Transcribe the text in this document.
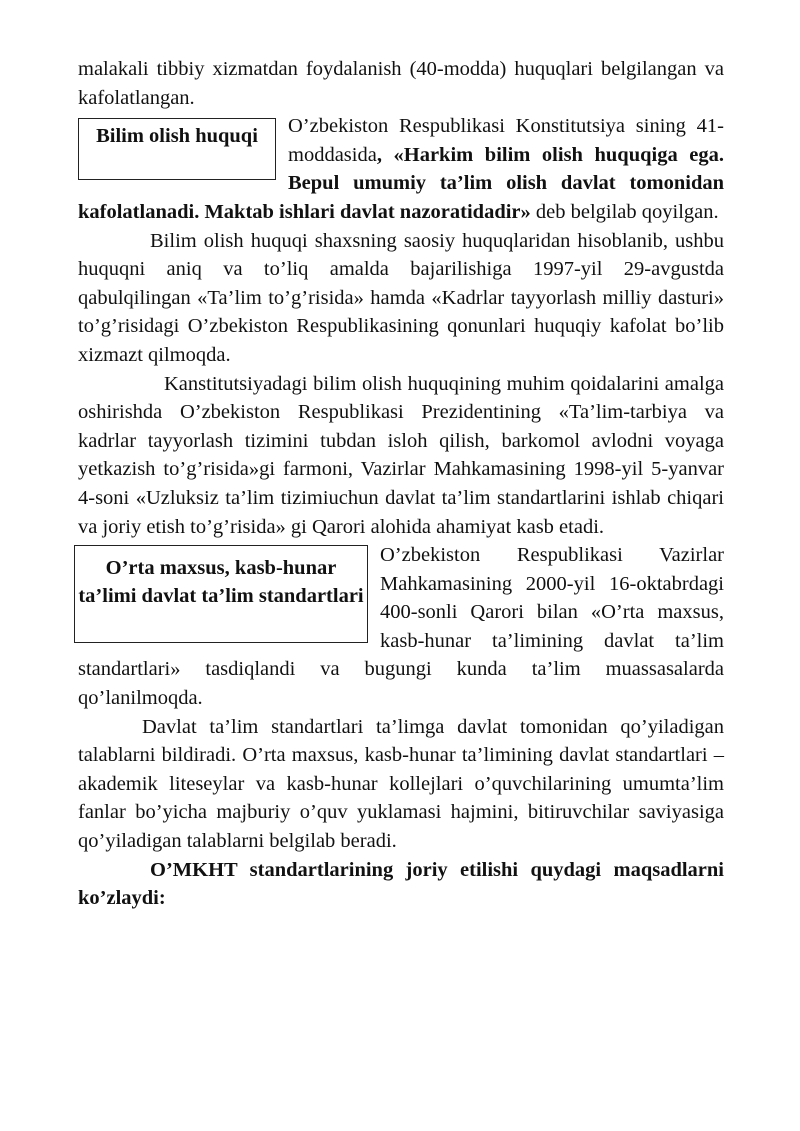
malakali tibbiy xizmatdan foydalanish (40-modda) huquqlari belgilangan va kafolatlangan.

Bilim olish huquqi	O’zbekiston Respublikasi Konstitutsiya sining 41-moddasida, «Harkim bilim olish huquqiga ega. Bepul umumiy ta’lim olish davlat tomonidan kafolatlanadi. Maktab ishlari davlat nazoratidadir» deb belgilab qoyilgan.

Bilim olish huquqi shaxsning saosiy huquqlaridan hisoblanib, ushbu huquqni aniq va to’liq amalda bajarilishiga 1997-yil 29-avgustda qabulqilingan «Ta’lim to’g’risida» hamda «Kadrlar tayyorlash milliy dasturi» to’g’risidagi O’zbekiston Respublikasining qonunlari huquqiy kafolat bo’lib xizmazt qilmoqda.

Kanstitutsiyadagi bilim olish huquqining muhim qoidalarini amalga oshirishda O’zbekiston Respublikasi Prezidentining «Ta’lim-tarbiya va kadrlar tayyorlash tizimini tubdan isloh qilish, barkomol avlodni voyaga yetkazish to’g’risida»gi farmoni, Vazirlar Mahkamasining 1998-yil 5-yanvar 4-soni «Uzluksiz ta’lim tizimiuchun davlat ta’lim standartlarini ishlab chiqari va joriy etish to’g’risida» gi Qarori alohida ahamiyat kasb etadi.

O’rta maxsus, kasb-hunar ta’limi davlat ta’lim standartlari

O’zbekiston Respublikasi Vazirlar Mahkamasining 2000-yil 16-oktabrdagi 400-sonli Qarori bilan «O’rta maxsus, kasb-hunar ta’limining davlat ta’lim standartlari» tasdiqlandi va bugungi kunda ta’lim muassasalarda qo’lanilmoqda.

Davlat ta’lim standartlari ta’limga davlat tomonidan qo’yiladigan talablarni bildiradi. O’rta maxsus, kasb-hunar ta’limining davlat standartlari – akademik liteseylar va kasb-hunar kollejlari o’quvchilarining umumta’lim fanlar bo’yicha majburiy o’quv yuklamasi hajmini, bitiruvchilar saviyasiga qo’yiladigan talablarni belgilab beradi.

O’MKHT standartlarining joriy etilishi quydagi maqsadlarni ko’zlaydi:
